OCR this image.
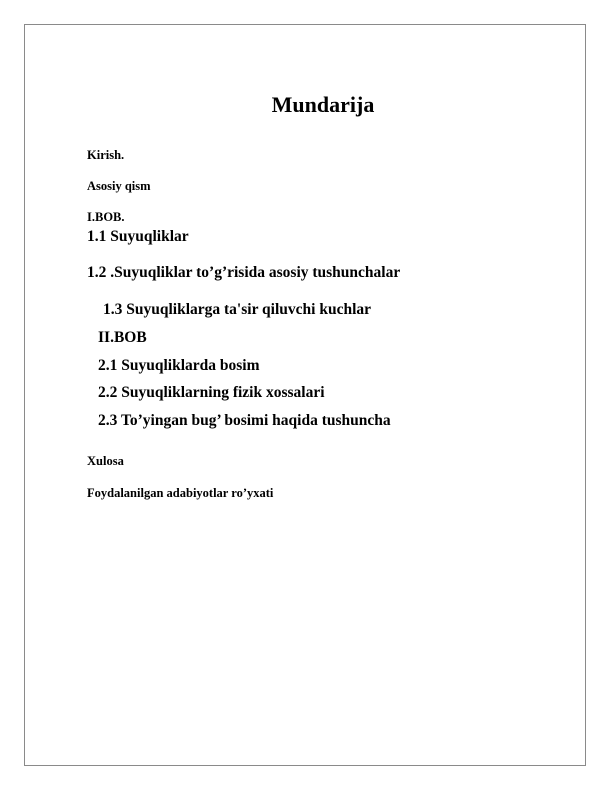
Mundarija
Kirish.
Asosiy qism
I.BOB.
1.1 Suyuqliklar
1.2 .Suyuqliklar to’g’risida asosiy tushunchalar
1.3 Suyuqliklarga ta'sir qiluvchi kuchlar
II.BOB
2.1 Suyuqliklarda bosim
2.2 Suyuqliklarning fizik xossalari
2.3 To’yingan bug’ bosimi haqida tushuncha
Xulosa
Foydalanilgan adabiyotlar ro’yxati
